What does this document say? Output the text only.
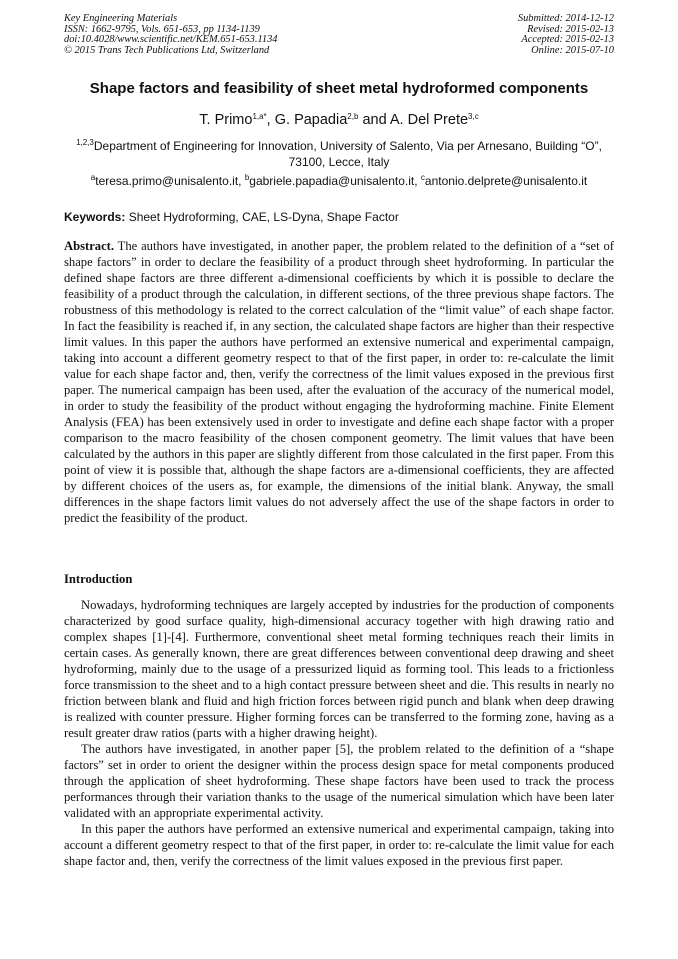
Key Engineering Materials
ISSN: 1662-9795, Vols. 651-653, pp 1134-1139
doi:10.4028/www.scientific.net/KEM.651-653.1134
© 2015 Trans Tech Publications Ltd, Switzerland
Submitted: 2014-12-12
Revised: 2015-02-13
Accepted: 2015-02-13
Online: 2015-07-10
Shape factors and feasibility of sheet metal hydroformed components
T. Primo$^{1,a*}$, G. Papadia$^{2,b}$ and A. Del Prete$^{3,c}$
$^{1,2,3}$Department of Engineering for Innovation, University of Salento, Via per Arnesano, Building “O”, 73100, Lecce, Italy
$^a$teresa.primo@unisalento.it, $^b$gabriele.papadia@unisalento.it, $^c$antonio.delprete@unisalento.it
Keywords: Sheet Hydroforming, CAE, LS-Dyna, Shape Factor

Abstract. The authors have investigated, in another paper, the problem related to the definition of a “set of shape factors” in order to declare the feasibility of a product through sheet hydroforming. In particular the defined shape factors are three different a-dimensional coefficients by which it is possible to declare the feasibility of a product through the calculation, in different sections, of the three previous shape factors. The robustness of this methodology is related to the correct calculation of the “limit value” of each shape factor. In fact the feasibility is reached if, in any section, the calculated shape factors are higher than their respective limit values. In this paper the authors have performed an extensive numerical and experimental campaign, taking into account a different geometry respect to that of the first paper, in order to: re-calculate the limit value for each shape factor and, then, verify the correctness of the limit values exposed in the previous first paper. The numerical campaign has been used, after the evaluation of the accuracy of the numerical model, in order to study the feasibility of the product without engaging the hydroforming machine. Finite Element Analysis (FEA) has been extensively used in order to investigate and define each shape factor with a proper comparison to the macro feasibility of the chosen component geometry. The limit values that have been calculated by the authors in this paper are slightly different from those calculated in the first paper. From this point of view it is possible that, although the shape factors are a-dimensional coefficients, they are affected by different choices of the users as, for example, the dimensions of the initial blank. Anyway, the small differences in the shape factors limit values do not adversely affect the use of the shape factors in order to predict the feasibility of the product.

Introduction

Nowadays, hydroforming techniques are largely accepted by industries for the production of components characterized by good surface quality, high-dimensional accuracy together with high drawing ratio and complex shapes [1]-[4]. Furthermore, conventional sheet metal forming techniques reach their limits in certain cases. As generally known, there are great differences between conventional deep drawing and sheet hydroforming, mainly due to the usage of a pressurized liquid as forming tool. This leads to a frictionless force transmission to the sheet and to a high contact pressure between sheet and die. This results in nearly no friction between blank and fluid and high friction forces between rigid punch and blank when deep drawing is realized with counter pressure. Higher forming forces can be transferred to the forming zone, having as a result greater draw ratios (parts with a higher drawing height).

The authors have investigated, in another paper [5], the problem related to the definition of a “shape factors” set in order to orient the designer within the process design space for metal components produced through the application of sheet hydroforming. These shape factors have been used to track the process performances through their variation thanks to the usage of the numerical simulation which have been later validated with an appropriate experimental activity.

In this paper the authors have performed an extensive numerical and experimental campaign, taking into account a different geometry respect to that of the first paper, in order to: re-calculate the limit value for each shape factor and, then, verify the correctness of the limit values exposed in the previous first paper.
